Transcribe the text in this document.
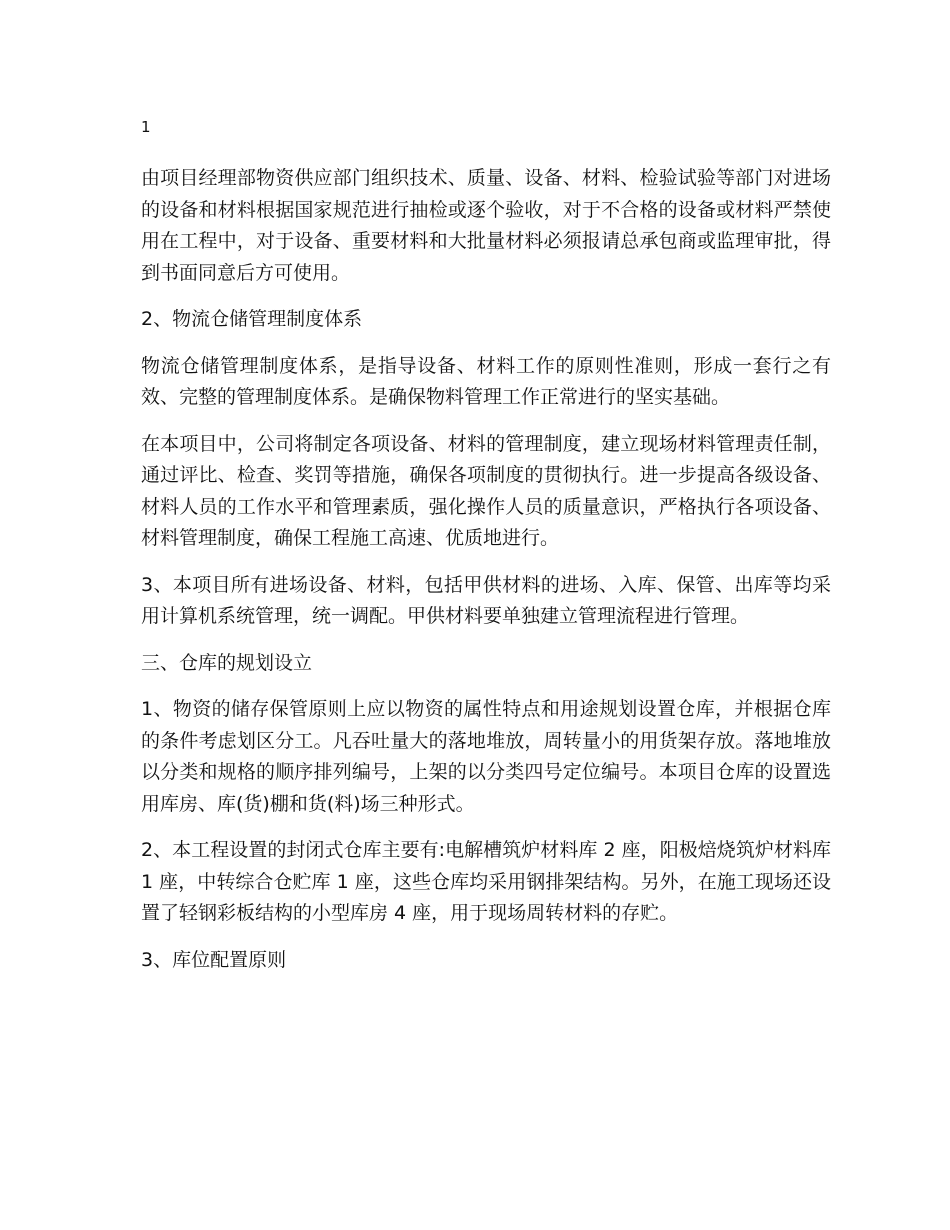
1

由项目经理部物资供应部门组织技术、质量、设备、材料、检验试验等部门对进场的设备和材料根据国家规范进行抽检或逐个验收，对于不合格的设备或材料严禁使用在工程中，对于设备、重要材料和大批量材料必须报请总承包商或监理审批，得到书面同意后方可使用。

2、物流仓储管理制度体系

物流仓储管理制度体系，是指导设备、材料工作的原则性准则，形成一套行之有效、完整的管理制度体系。是确保物料管理工作正常进行的坚实基础。

在本项目中，公司将制定各项设备、材料的管理制度，建立现场材料管理责任制，通过评比、检查、奖罚等措施，确保各项制度的贯彻执行。进一步提高各级设备、材料人员的工作水平和管理素质，强化操作人员的质量意识，严格执行各项设备、材料管理制度，确保工程施工高速、优质地进行。

3、本项目所有进场设备、材料，包括甲供材料的进场、入库、保管、出库等均采用计算机系统管理，统一调配。甲供材料要单独建立管理流程进行管理。

三、仓库的规划设立

1、物资的储存保管原则上应以物资的属性特点和用途规划设置仓库，并根据仓库的条件考虑划区分工。凡吞吐量大的落地堆放，周转量小的用货架存放。落地堆放以分类和规格的顺序排列编号，上架的以分类四号定位编号。本项目仓库的设置选用库房、库(货)棚和货(料)场三种形式。

2、本工程设置的封闭式仓库主要有:电解槽筑炉材料库 2 座，阳极焙烧筑炉材料库 1 座，中转综合仓贮库 1 座，这些仓库均采用钢排架结构。另外，在施工现场还设置了轻钢彩板结构的小型库房 4 座，用于现场周转材料的存贮。

3、库位配置原则
